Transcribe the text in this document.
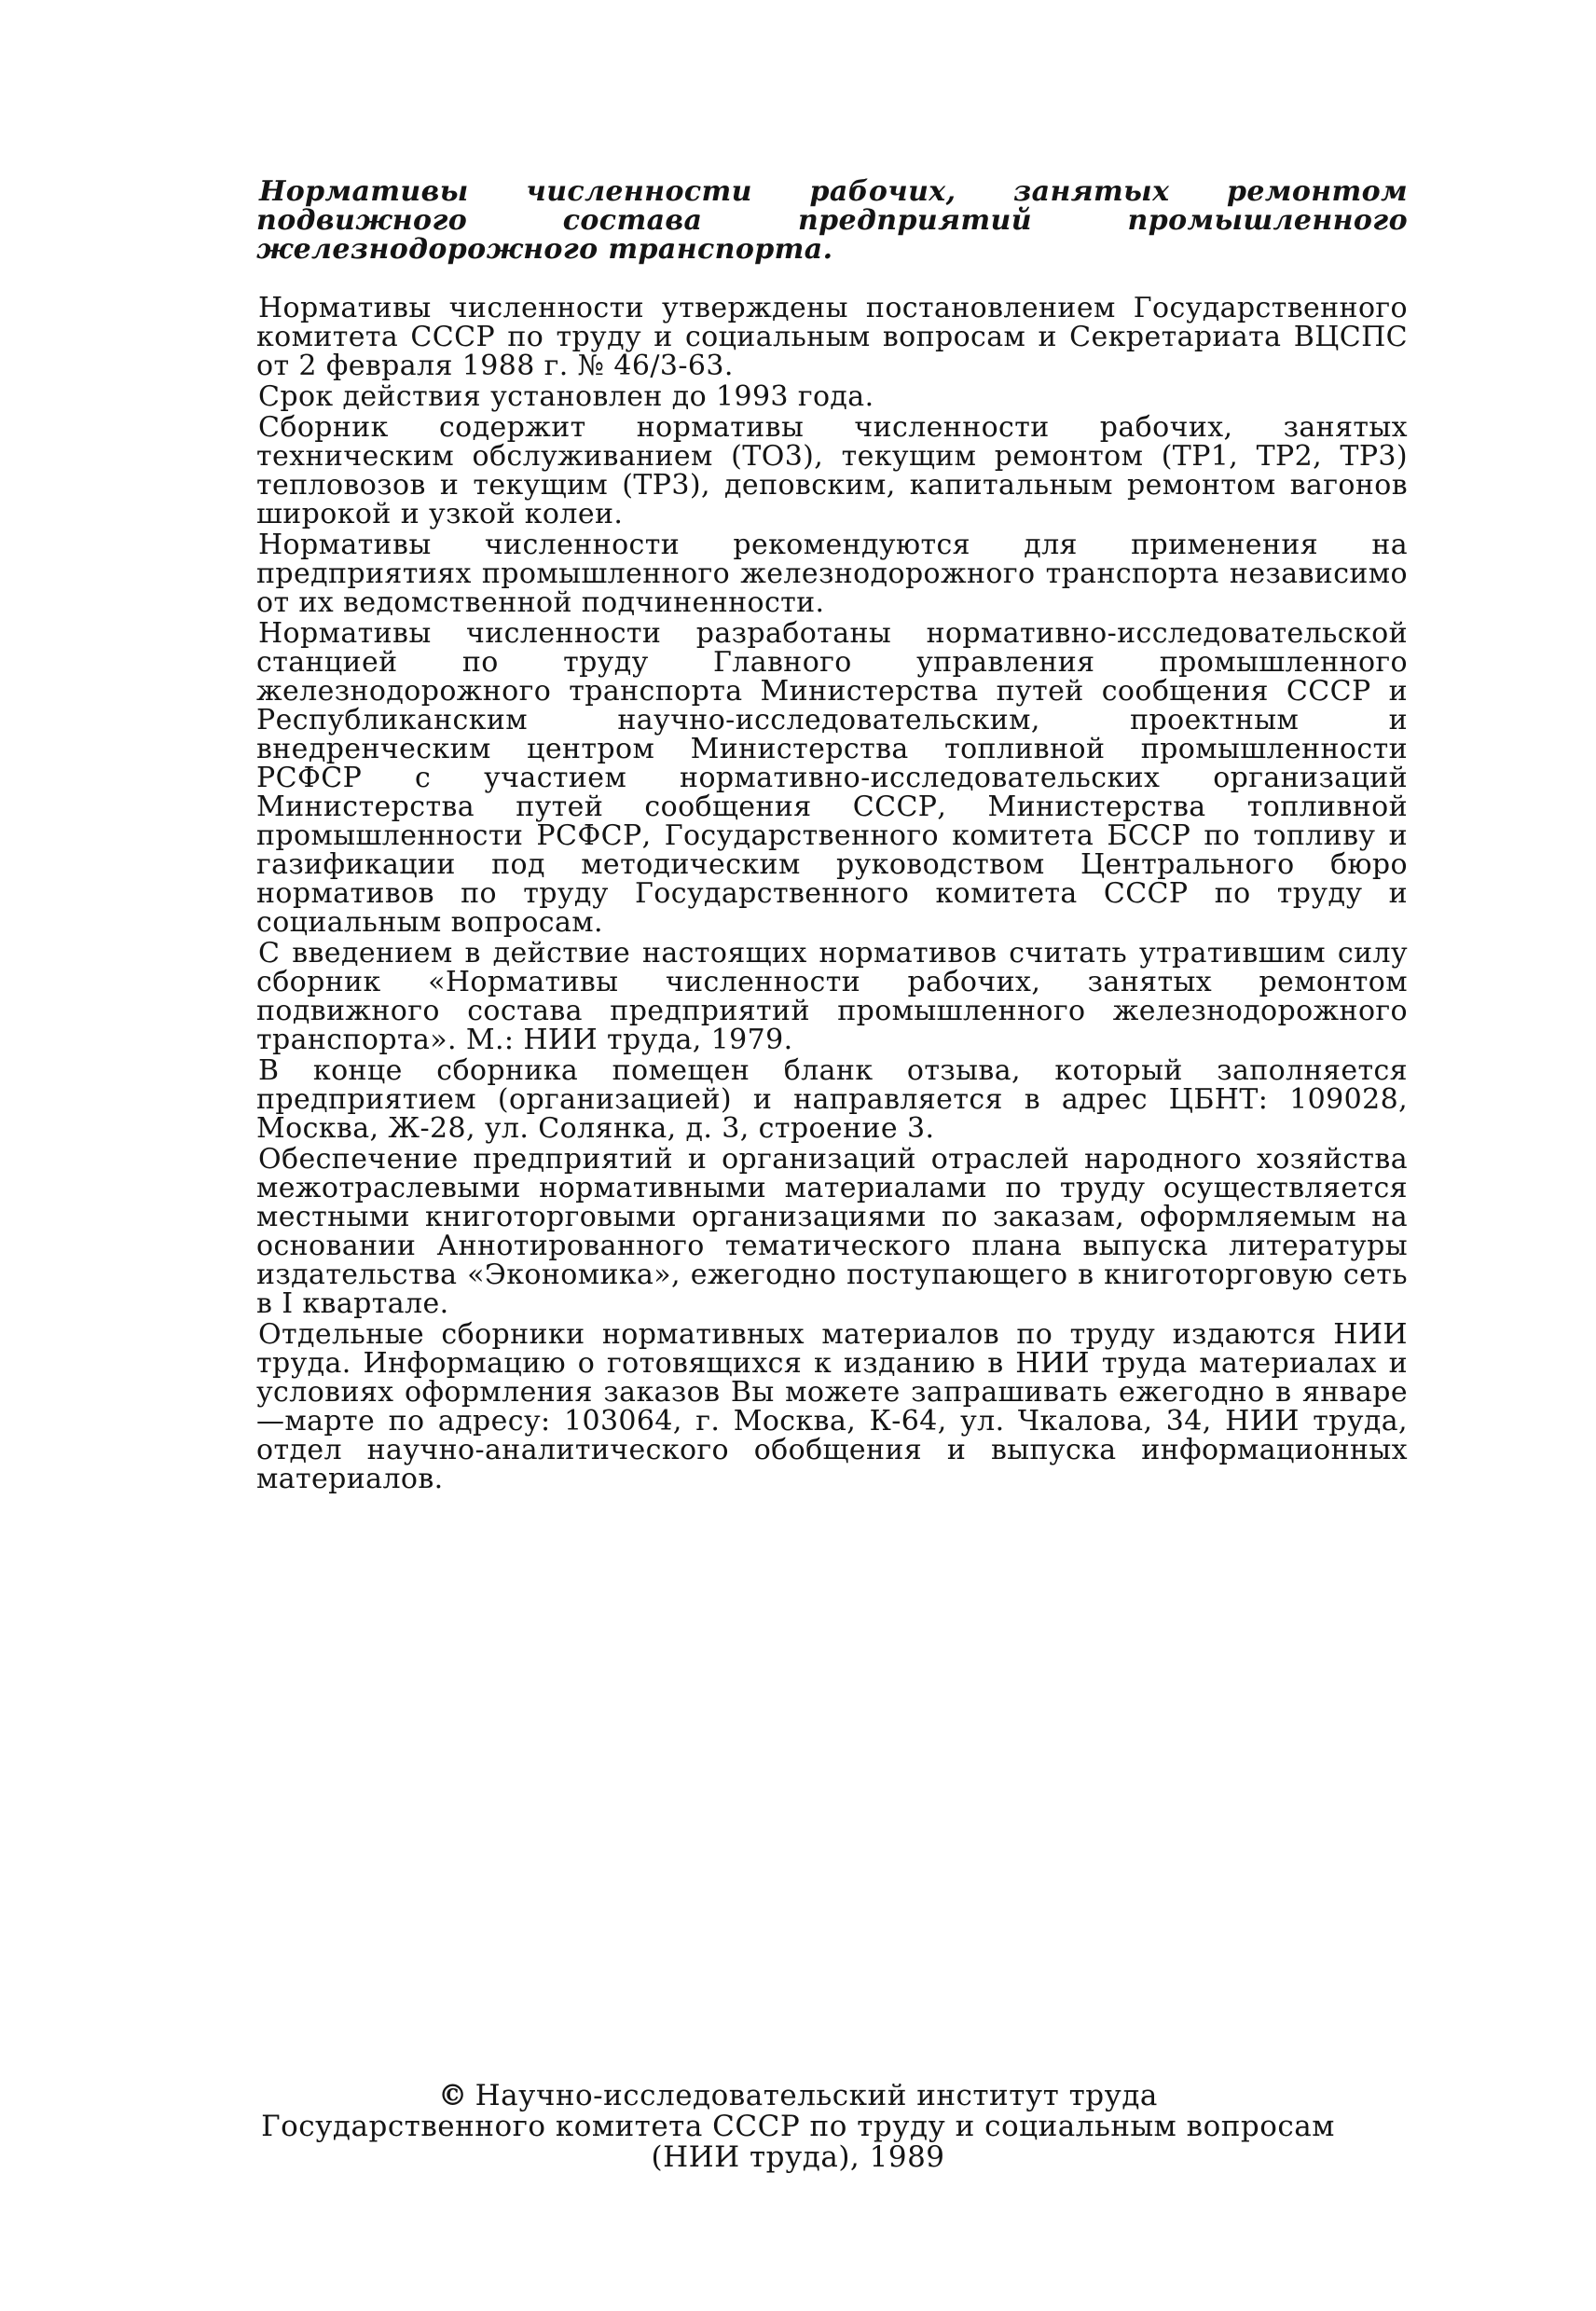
Нормативы численности рабочих, занятых ремонтом подвижного состава предприятий промышленного железнодорожного транспорта.

Нормативы численности утверждены постановлением Государственного комитета СССР по труду и социальным вопросам и Секретариата ВЦСПС от 2 февраля 1988 г. № 46/3-63.

Срок действия установлен до 1993 года.

Сборник содержит нормативы численности рабочих, занятых техническим обслуживанием (ТО3), текущим ремонтом (ТР1, ТР2, ТР3) тепловозов и текущим (ТР3), деповским, капитальным ремонтом вагонов широкой и узкой колеи.

Нормативы численности рекомендуются для применения на предприятиях промышленного железнодорожного транспорта независимо от их ведомственной подчиненности.

Нормативы численности разработаны нормативно-исследовательской станцией по труду Главного управления промышленного железнодорожного транспорта Министерства путей сообщения СССР и Республиканским научно-исследовательским, проектным и внедренческим центром Министерства топливной промышленности РСФСР с участием нормативно-исследовательских организаций Министерства путей сообщения СССР, Министерства топливной промышленности РСФСР, Государственного комитета БССР по топливу и газификации под методическим руководством Центрального бюро нормативов по труду Государственного комитета СССР по труду и социальным вопросам.

С введением в действие настоящих нормативов считать утратившим силу сборник «Нормативы численности рабочих, занятых ремонтом подвижного состава предприятий промышленного железнодорожного транспорта». М.: НИИ труда, 1979.

В конце сборника помещен бланк отзыва, который заполняется предприятием (организацией) и направляется в адрес ЦБНТ: 109028, Москва, Ж-28, ул. Солянка, д. 3, строение 3.

Обеспечение предприятий и организаций отраслей народного хозяйства межотраслевыми нормативными материалами по труду осуществляется местными книготорговыми организациями по заказам, оформляемым на основании Аннотированного тематического плана выпуска литературы издательства «Экономика», ежегодно поступающего в книготорговую сеть в I квартале.

Отдельные сборники нормативных материалов по труду издаются НИИ труда. Информацию о готовящихся к изданию в НИИ труда материалах и условиях оформления заказов Вы можете запрашивать ежегодно в январе—марте по адресу: 103064, г. Москва, К-64, ул. Чкалова, 34, НИИ труда, отдел научно-аналитического обобщения и выпуска информационных материалов.

© Научно-исследовательский институт труда
Государственного комитета СССР по труду и социальным вопросам
(НИИ труда), 1989
